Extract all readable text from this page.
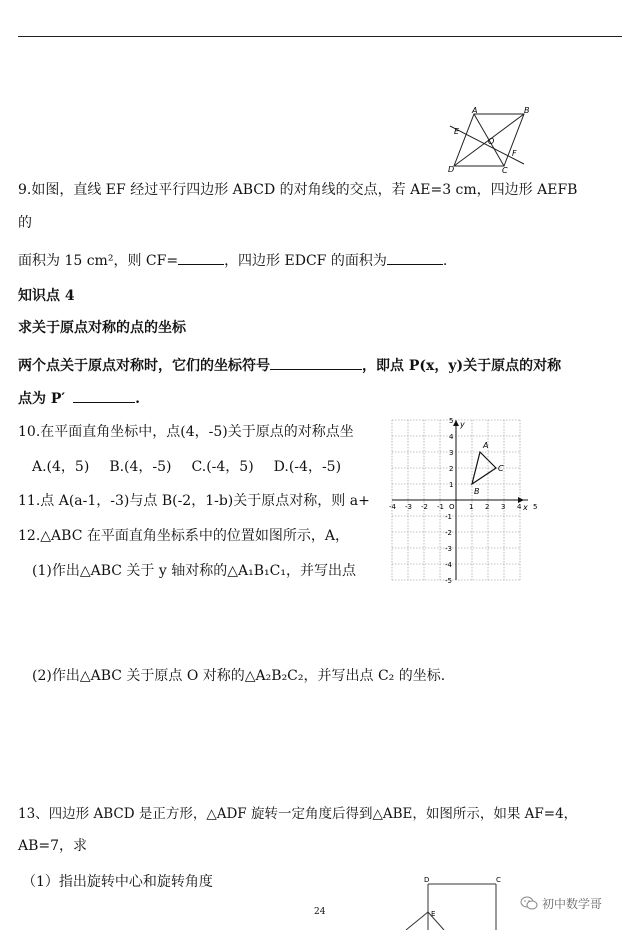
A	B
E
O
F
D	C
9.如图，直线 EF 经过平行四边形 ABCD 的对角线的交点，若 AE=3 cm，四边形 AEFB
的
面积为 15 cm²，则 CF=	，四边形 EDCF 的面积为	.
知识点 4
求关于原点对称的点的坐标
两个点关于原点对称时，它们的坐标符号	，即点 P(x，y)关于原点的对称
点为 P′	.
10.在平面直角坐标中，点(4，-5)关于原点的对称点坐
A.(4，5) B.(4，-5) C.(-4，5) D.(-4，-5)
11.点 A(a-1，-3)与点 B(-2，1-b)关于原点对称，则 a+
12.△ABC 在平面直角坐标系中的位置如图所示，A，
(1)作出△ABC 关于 y 轴对称的△A₁B₁C₁，并写出点
x
y
-4 -3 -2 -1 O 1 2 3 4 5
5
4
3
2
1
-1
-2
-3
-4
-5
A
B
C
(2)作出△ABC 关于原点 O 对称的△A₂B₂C₂，并写出点 C₂ 的坐标.
13、四边形 ABCD 是正方形，△ADF 旋转一定角度后得到△ABE，如图所示，如果 AF=4，
AB=7，求
（1）指出旋转中心和旋转角度	D	C
E
24
初中数学哥
